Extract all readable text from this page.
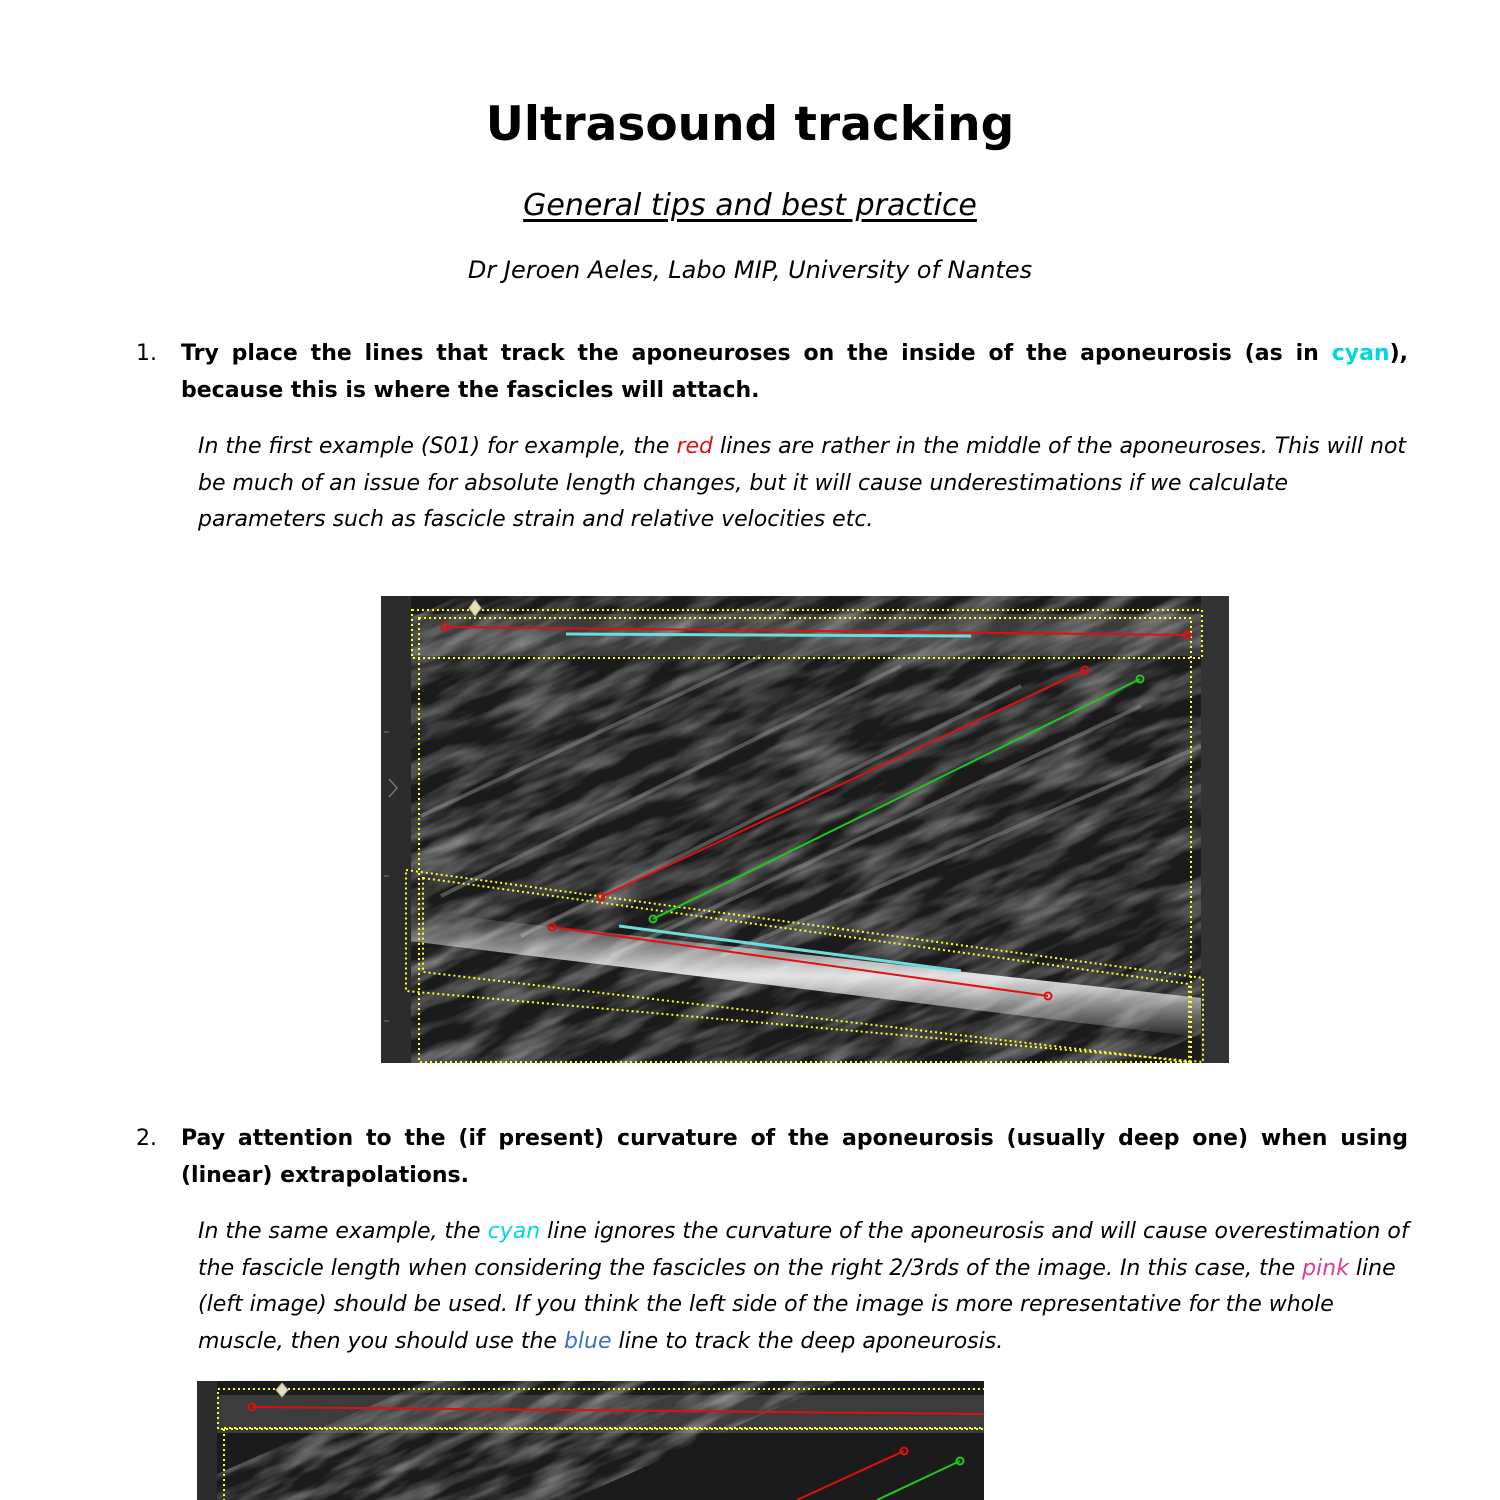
Ultrasound tracking
General tips and best practice
Dr Jeroen Aeles, Labo MIP, University of Nantes
1. Try place the lines that track the aponeuroses on the inside of the aponeurosis (as in cyan), because this is where the fascicles will attach.
In the first example (S01) for example, the red lines are rather in the middle of the aponeuroses. This will not be much of an issue for absolute length changes, but it will cause underestimations if we calculate parameters such as fascicle strain and relative velocities etc.
2. Pay attention to the (if present) curvature of the aponeurosis (usually deep one) when using (linear) extrapolations.
In the same example, the cyan line ignores the curvature of the aponeurosis and will cause overestimation of the fascicle length when considering the fascicles on the right 2/3rds of the image. In this case, the pink line (left image) should be used. If you think the left side of the image is more representative for the whole muscle, then you should use the blue line to track the deep aponeurosis.
